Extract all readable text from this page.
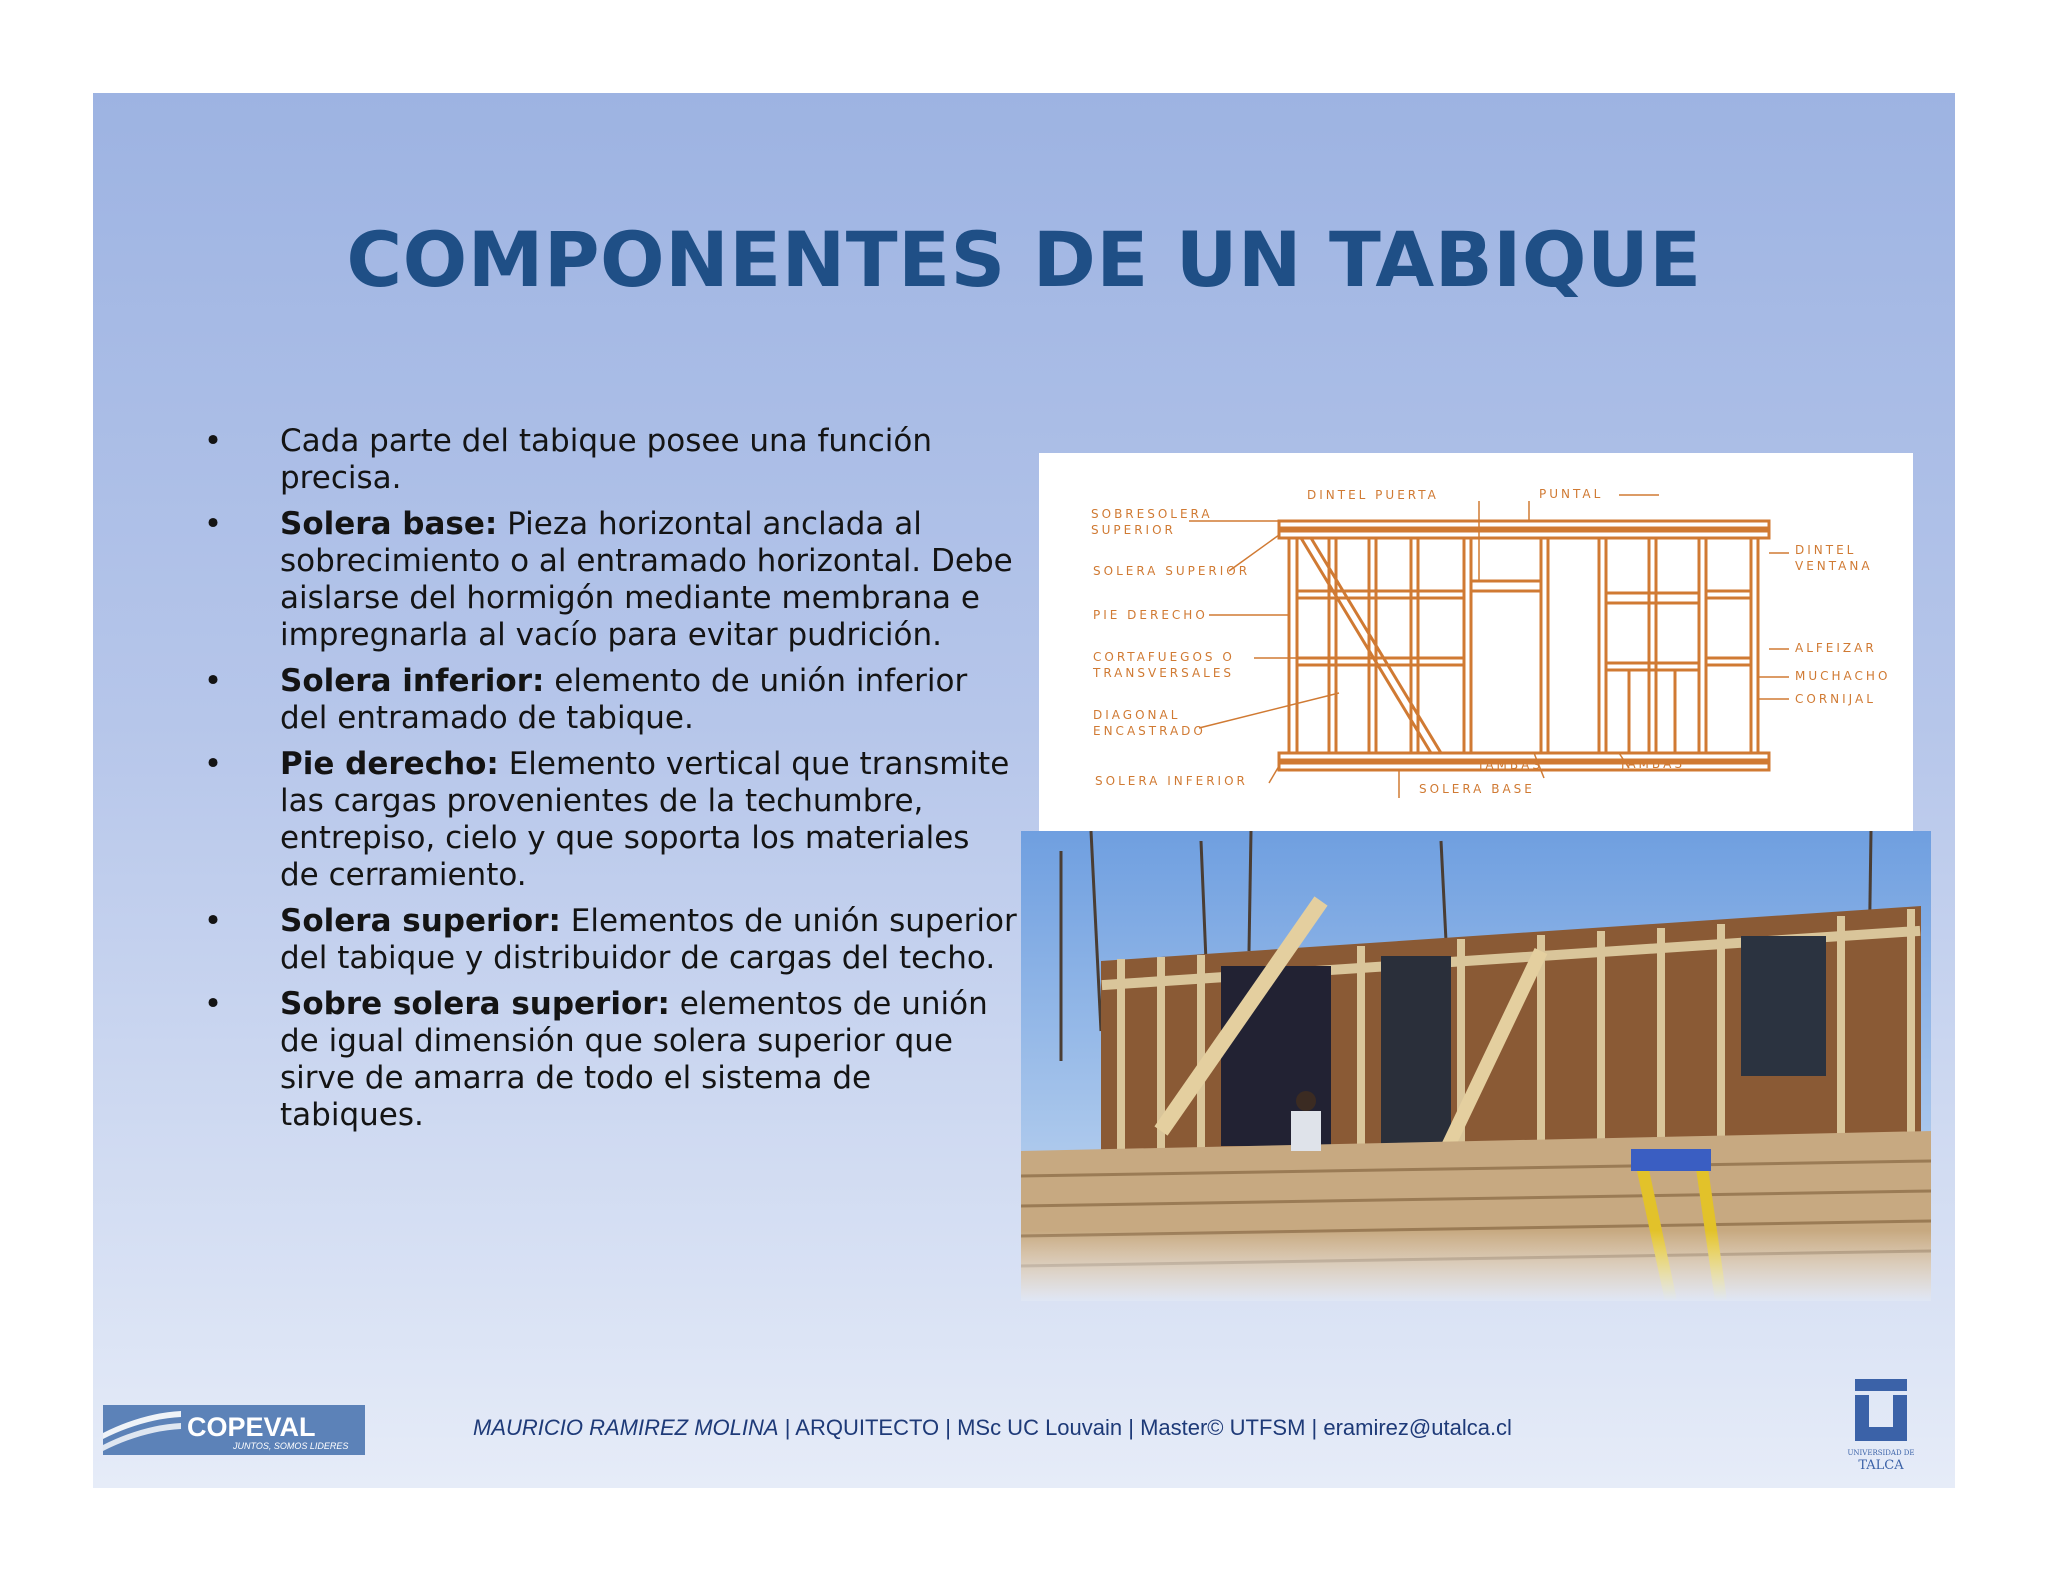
COMPONENTES DE UN TABIQUE
• Cada parte del tabique posee una función precisa.
• Solera base: Pieza horizontal anclada al sobrecimiento o al entramado horizontal. Debe aislarse del hormigón mediante membrana e impregnarla al vacío para evitar pudrición.
• Solera inferior: elemento de unión inferior del entramado de tabique.
• Pie derecho: Elemento vertical que transmite las cargas provenientes de la techumbre, entrepiso, cielo y que soporta los materiales de cerramiento.
• Solera superior: Elementos de unión superior del tabique y distribuidor de cargas del techo.
• Sobre solera superior: elementos de unión de igual dimensión que solera superior que sirve de amarra de todo el sistema de tabiques.
SOBRESOLERA
SUPERIOR
SOLERA SUPERIOR
PIE DERECHO
CORTAFUEGOS O
TRANSVERSALES
DIAGONAL
ENCASTRADO
SOLERA INFERIOR
DINTEL PUERTA	PUNTAL
DINTEL
VENTANA
ALFEIZAR
MUCHACHO
CORNIJAL
JAMBAS	JAMBAS
SOLERA BASE
COPEVAL
JUNTOS, SOMOS LIDERES
MAURICIO RAMIREZ MOLINA | ARQUITECTO | MSc UC Louvain | Master© UTFSM | eramirez@utalca.cl
UNIVERSIDAD DE
TALCA
